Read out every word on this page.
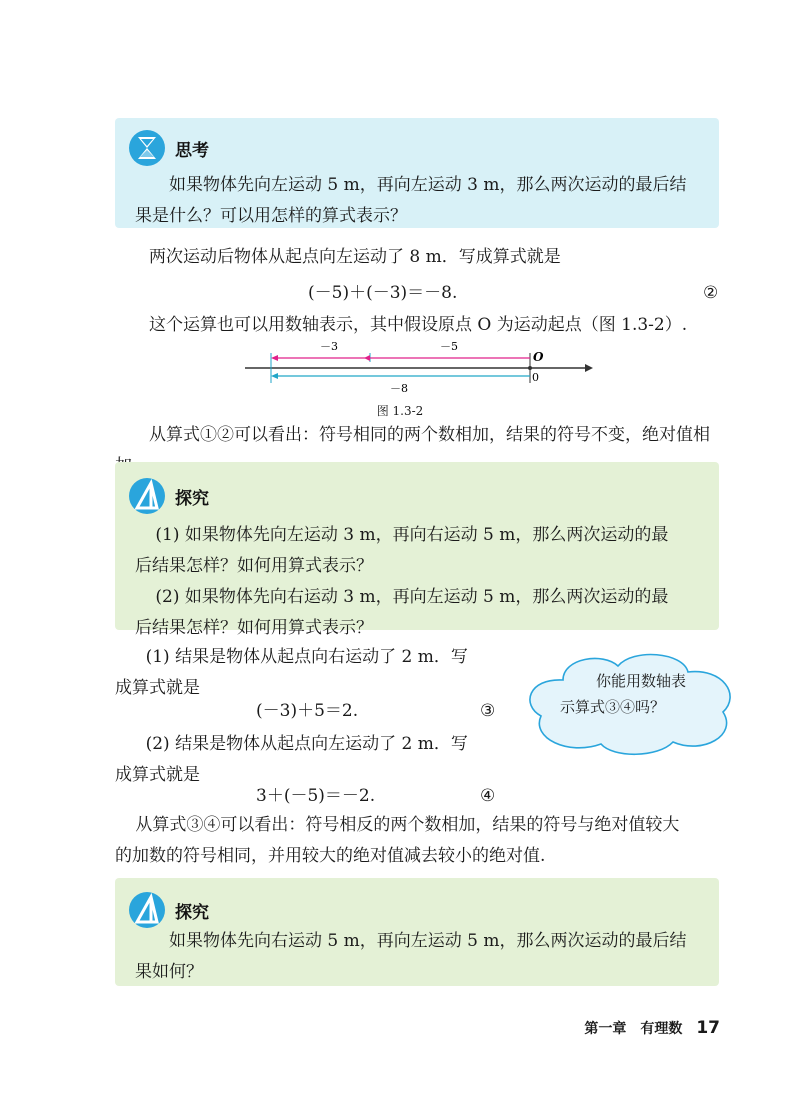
思考

如果物体先向左运动 5 m，再向左运动 3 m，那么两次运动的最后结
果是什么？可以用怎样的算式表示？

两次运动后物体从起点向左运动了 8 m．写成算式就是

(－5)＋(－3)＝－8.	②

这个运算也可以用数轴表示，其中假设原点 O 为运动起点（图 1.3-2）.

－3	－5
－8
O
0

图 1.3-2

从算式①②可以看出：符号相同的两个数相加，结果的符号不变，绝对值相

探究

(1) 如果物体先向左运动 3 m，再向右运动 5 m，那么两次运动的最
后结果怎样？如何用算式表示？

(2) 如果物体先向右运动 3 m，再向左运动 5 m，那么两次运动的最
后结果怎样？如何用算式表示？

(1) 结果是物体从起点向右运动了 2 m．写
成算式就是

(－3)＋5＝2.	③

(2) 结果是物体从起点向左运动了 2 m．写
成算式就是

3＋(－5)＝－2.	④

你能用数轴表
示算式③④吗？

从算式③④可以看出：符号相反的两个数相加，结果的符号与绝对值较大
的加数的符号相同，并用较大的绝对值减去较小的绝对值.

探究

如果物体先向右运动 5 m，再向左运动 5 m，那么两次运动的最后结
果如何？

第一章 有理数 17
